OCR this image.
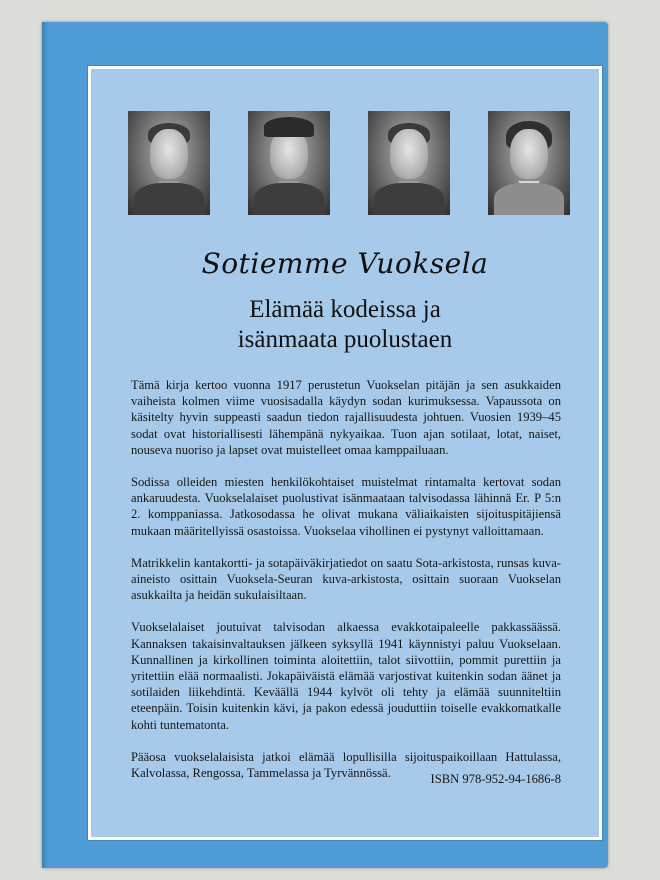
Sotiemme Vuoksela
Elämää kodeissa ja
isänmaata puolustaen

Tämä kirja kertoo vuonna 1917 perustetun Vuokselan pitäjän ja sen asukkaiden vaiheista kolmen viime vuosisadalla käydyn sodan kurimuksessa. Vapaussota on käsitelty hyvin suppeasti saadun tiedon rajallisuudesta johtuen. Vuosien 1939–45 sodat ovat historiallisesti lähempänä nykyaikaa. Tuon ajan sotilaat, lotat, naiset, nouseva nuoriso ja lapset ovat muistelleet omaa kamppailuaan.

Sodissa olleiden miesten henkilökohtaiset muistelmat rintamalta kertovat sodan ankaruudesta. Vuokselalaiset puolustivat isänmaataan talvisodassa lähinnä Er. P 5:n 2. komppaniassa. Jatkosodassa he olivat mukana väliaikaisten sijoituspitäjiensä mukaan määritellyissä osastoissa. Vuokselaa vihollinen ei pystynyt valloittamaan.

Matrikkelin kantakortti- ja sotapäiväkirjatiedot on saatu Sota-arkistosta, runsas kuva-aineisto osittain Vuoksela-Seuran kuva-arkistosta, osittain suoraan Vuokselan asukkailta ja heidän sukulaisiltaan.

Vuokselalaiset joutuivat talvisodan alkaessa evakkotaipaleelle pakkassäässä. Kannaksen takaisinvaltauksen jälkeen syksyllä 1941 käynnistyi paluu Vuokselaan. Kunnallinen ja kirkollinen toiminta aloitettiin, talot siivottiin, pommit purettiin ja yritettiin elää normaalisti. Jokapäiväistä elämää varjostivat kuitenkin sodan äänet ja sotilaiden liikehdintä. Keväällä 1944 kylvöt oli tehty ja elämää suunniteltiin eteenpäin. Toisin kuitenkin kävi, ja pakon edessä jouduttiin toiselle evakkomatkalle kohti tuntematonta.

Pääosa vuokselalaisista jatkoi elämää lopullisilla sijoituspaikoillaan Hattulassa, Kalvolassa, Rengossa, Tammelassa ja Tyrvännössä.	ISBN 978-952-94-1686-8
